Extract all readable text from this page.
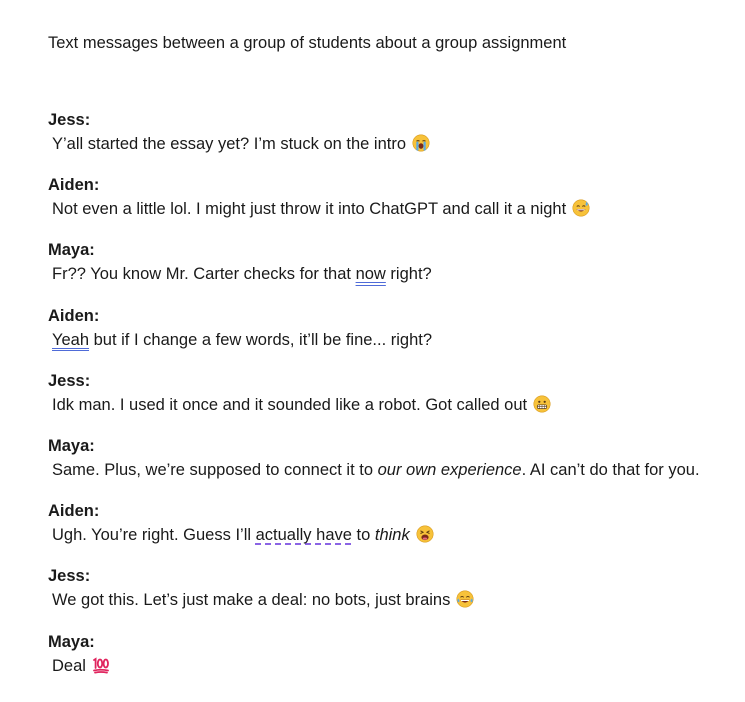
Text messages between a group of students about a group assignment
Jess:
Y’all started the essay yet? I’m stuck on the intro
Aiden:
Not even a little lol. I might just throw it into ChatGPT and call it a night
Maya:
Fr?? You know Mr. Carter checks for that now right?
Aiden:
Yeah but if I change a few words, it’ll be fine... right?
Jess:
Idk man. I used it once and it sounded like a robot. Got called out
Maya:
Same. Plus, we’re supposed to connect it to our own experience. AI can’t do that for you.
Aiden:
Ugh. You’re right. Guess I’ll actually have to think
Jess:
We got this. Let’s just make a deal: no bots, just brains
Maya:
Deal
